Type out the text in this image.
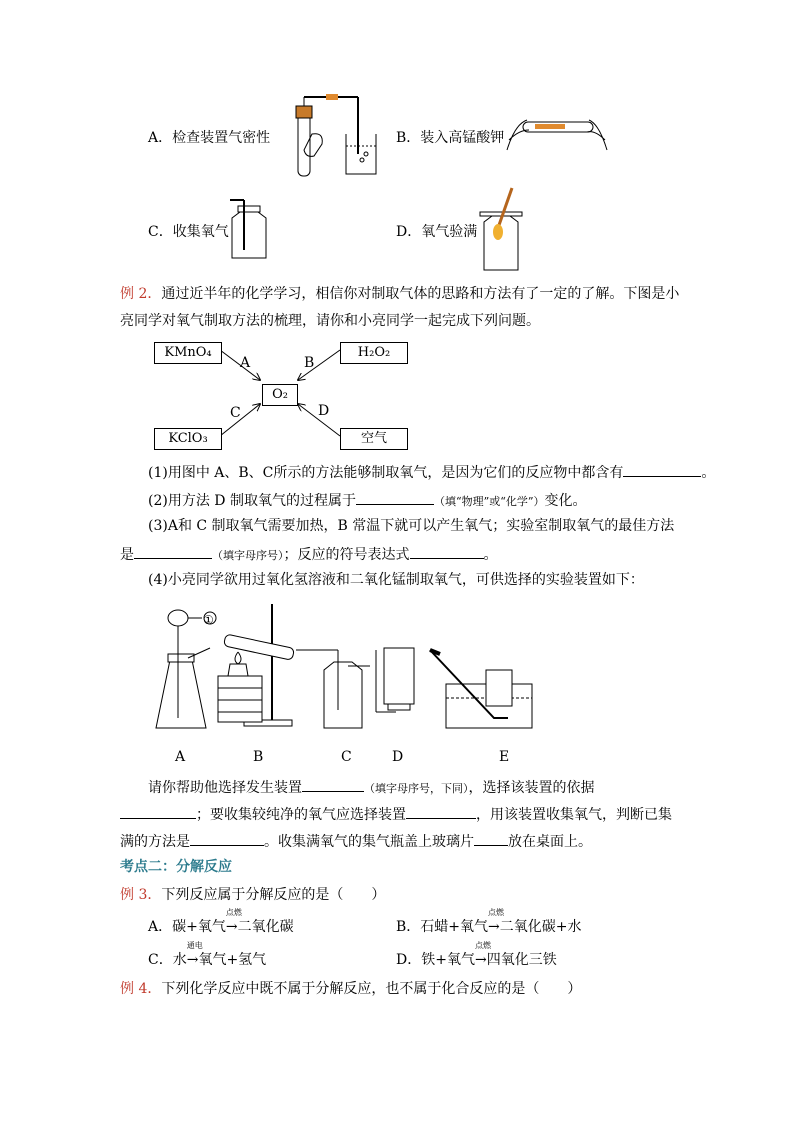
A．检查装置气密性	B．装入高锰酸钾
C．收集氧气	D．氧气验满
例 2．通过近半年的化学学习，相信你对制取气体的思路和方法有了一定的了解。下图是小
亮同学对氧气制取方法的梳理，请你和小亮同学一起完成下列问题。
KMnO₄	H₂O₂
O₂
KClO₃	空气
A	B
C	D
(1)用图中 A、B、C所示的方法能够制取氧气，是因为它们的反应物中都含有	。
(2)用方法 D 制取氧气的过程属于	（填“物理”或“化学”）变化。
(3)A和 C 制取氧气需要加热，B 常温下就可以产生氧气；实验室制取氧气的最佳方法
是	（填字母序号）；反应的符号表达式	。
(4)小亮同学欲用过氧化氢溶液和二氧化锰制取氧气，可供选择的实验装置如下：
A	B	C	D	E
①
请你帮助他选择发生装置	（填字母序号，下同），选择该装置的依据
；要收集较纯净的氧气应选择装置	，用该装置收集氧气，判断已集
满的方法是	。收集满氧气的集气瓶盖上玻璃片 放在桌面上。
考点二：分解反应
例 3．下列反应属于分解反应的是（　　）
A．碳+氧气→
点燃
二氧化碳	B．石蜡+氧气→
点燃
二氧化碳+水
C．水→
通电
氧气+氢气	D．铁+氧气→
点燃
四氧化三铁
例 4．下列化学反应中既不属于分解反应，也不属于化合反应的是（　　）
